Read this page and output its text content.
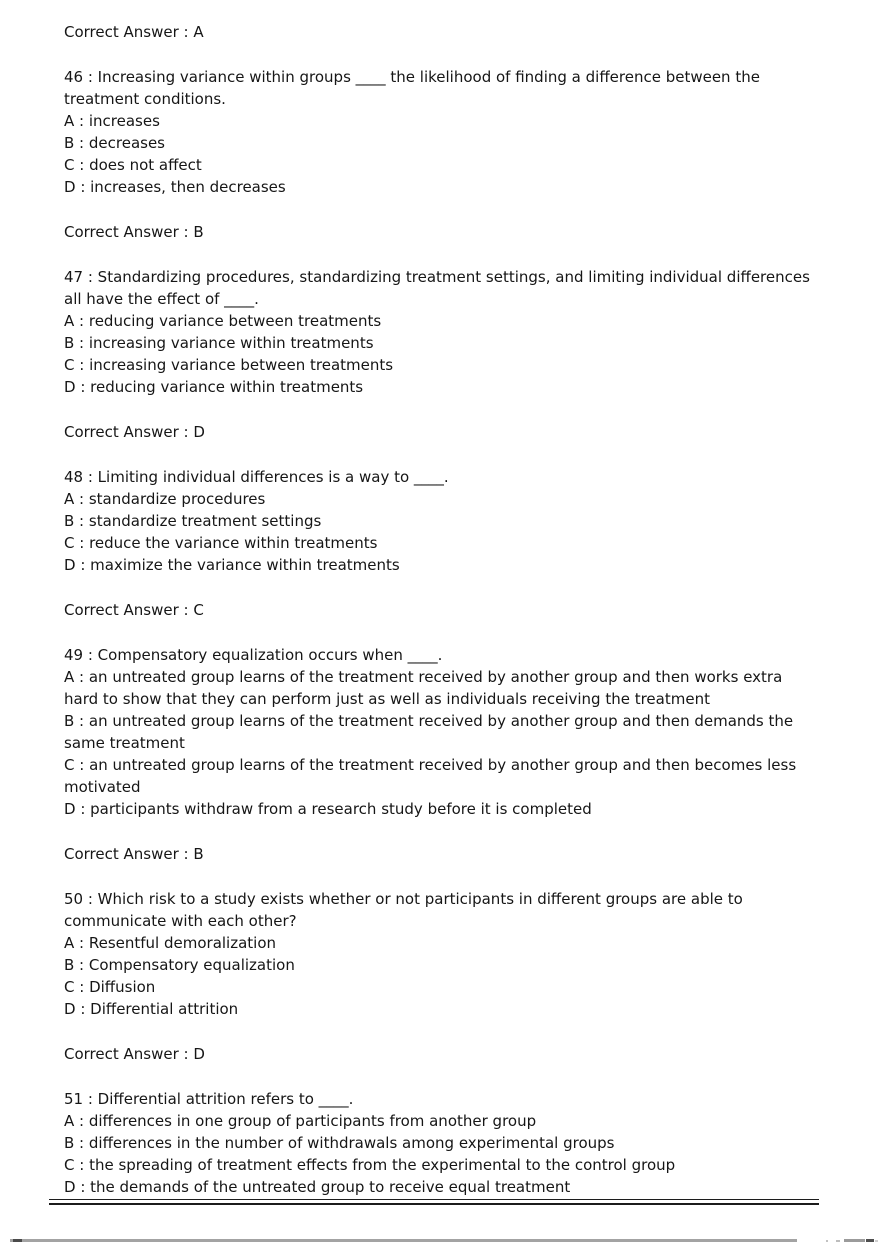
Correct Answer : A
46 : Increasing variance within groups ____ the likelihood of finding a difference between the treatment conditions.
A : increases
B : decreases
C : does not affect
D : increases, then decreases
Correct Answer : B
47 : Standardizing procedures, standardizing treatment settings, and limiting individual differences all have the effect of ____.
A : reducing variance between treatments
B : increasing variance within treatments
C : increasing variance between treatments
D : reducing variance within treatments
Correct Answer : D
48 : Limiting individual differences is a way to ____.
A : standardize procedures
B : standardize treatment settings
C : reduce the variance within treatments
D : maximize the variance within treatments
Correct Answer : C
49 : Compensatory equalization occurs when ____.
A : an untreated group learns of the treatment received by another group and then works extra hard to show that they can perform just as well as individuals receiving the treatment
B : an untreated group learns of the treatment received by another group and then demands the same treatment
C : an untreated group learns of the treatment received by another group and then becomes less motivated
D : participants withdraw from a research study before it is completed
Correct Answer : B
50 : Which risk to a study exists whether or not participants in different groups are able to communicate with each other?
A : Resentful demoralization
B : Compensatory equalization
C : Diffusion
D : Differential attrition
Correct Answer : D
51 : Differential attrition refers to ____.
A : differences in one group of participants from another group
B : differences in the number of withdrawals among experimental groups
C : the spreading of treatment effects from the experimental to the control group
D : the demands of the untreated group to receive equal treatment
